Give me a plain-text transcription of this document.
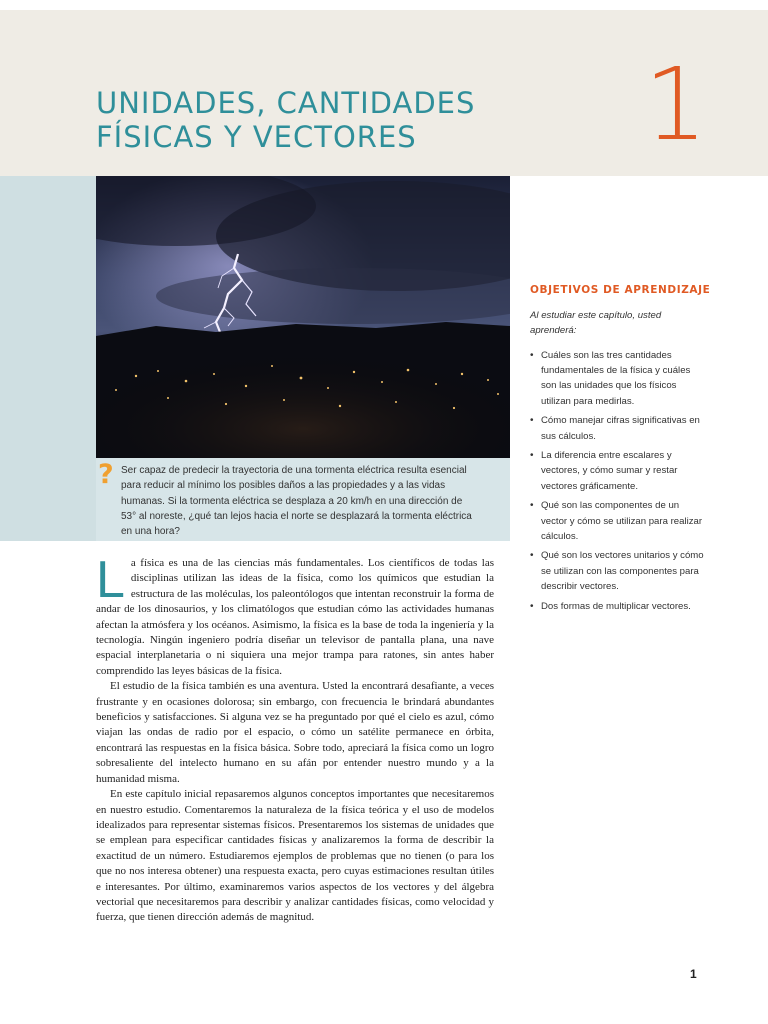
UNIDADES, CANTIDADES
FÍSICAS Y VECTORES	1
? Ser capaz de predecir la trayectoria de una tormenta eléctrica resulta esencial para reducir al mínimo los posibles daños a las propiedades y a las vidas humanas. Si la tormenta eléctrica se desplaza a 20 km/h en una dirección de 53° al noreste, ¿qué tan lejos hacia el norte se desplazará la tormenta eléctrica en una hora?
OBJETIVOS DE APRENDIZAJE
Al estudiar este capítulo, usted aprenderá:
• Cuáles son las tres cantidades fundamentales de la física y cuáles son las unidades que los físicos utilizan para medirlas.
• Cómo manejar cifras significativas en sus cálculos.
• La diferencia entre escalares y vectores, y cómo sumar y restar vectores gráficamente.
• Qué son las componentes de un vector y cómo se utilizan para realizar cálculos.
• Qué son los vectores unitarios y cómo se utilizan con las componentes para describir vectores.
• Dos formas de multiplicar vectores.

La física es una de las ciencias más fundamentales. Los científicos de todas las disciplinas utilizan las ideas de la física, como los químicos que estudian la estructura de las moléculas, los paleontólogos que intentan reconstruir la forma de andar de los dinosaurios, y los climatólogos que estudian cómo las actividades humanas afectan la atmósfera y los océanos. Asimismo, la física es la base de toda la ingeniería y la tecnología. Ningún ingeniero podría diseñar un televisor de pantalla plana, una nave espacial interplanetaria o ni siquiera una mejor trampa para ratones, sin antes haber comprendido las leyes básicas de la física.

El estudio de la física también es una aventura. Usted la encontrará desafiante, a veces frustrante y en ocasiones dolorosa; sin embargo, con frecuencia le brindará abundantes beneficios y satisfacciones. Si alguna vez se ha preguntado por qué el cielo es azul, cómo viajan las ondas de radio por el espacio, o cómo un satélite permanece en órbita, encontrará las respuestas en la física básica. Sobre todo, apreciará la física como un logro sobresaliente del intelecto humano en su afán por entender nuestro mundo y a la humanidad misma.

En este capítulo inicial repasaremos algunos conceptos importantes que necesitaremos en nuestro estudio. Comentaremos la naturaleza de la física teórica y el uso de modelos idealizados para representar sistemas físicos. Presentaremos los sistemas de unidades que se emplean para especificar cantidades físicas y analizaremos la forma de describir la exactitud de un número. Estudiaremos ejemplos de problemas que no tienen (o para los que no nos interesa obtener) una respuesta exacta, pero cuyas estimaciones resultan útiles e interesantes. Por último, examinaremos varios aspectos de los vectores y del álgebra vectorial que necesitaremos para describir y analizar cantidades físicas, como velocidad y fuerza, que tienen dirección además de magnitud.

1
